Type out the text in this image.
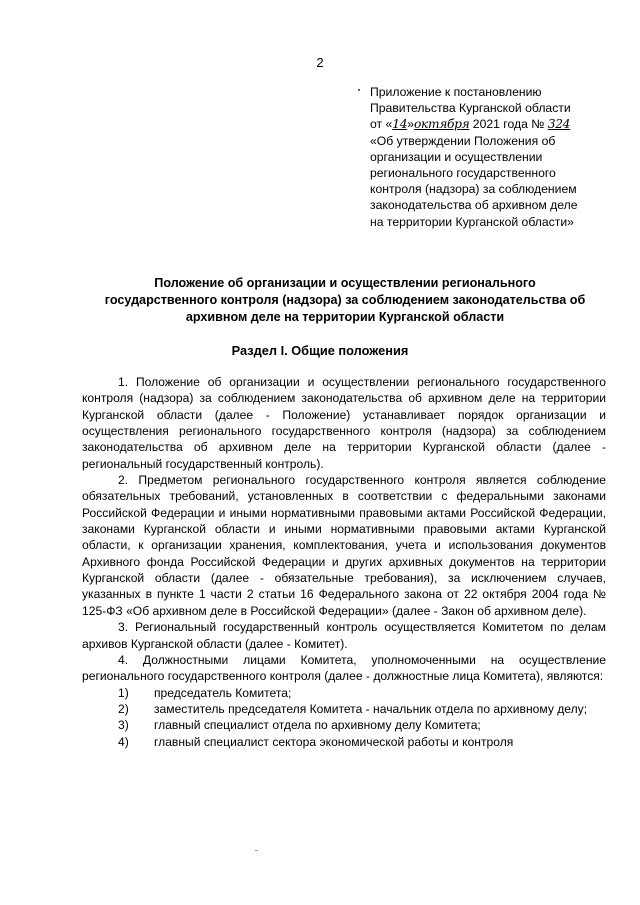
2
Приложение к постановлению
Правительства Курганской области
от «14»октября 2021 года № 324
«Об утверждении Положения об
организации и осуществлении
регионального государственного
контроля (надзора) за соблюдением
законодательства об архивном деле
на территории Курганской области»
Положение об организации и осуществлении регионального
государственного контроля (надзора) за соблюдением законодательства об
архивном деле на территории Курганской области
Раздел I. Общие положения

1. Положение об организации и осуществлении регионального государственного контроля (надзора) за соблюдением законодательства об архивном деле на территории Курганской области (далее - Положение) устанавливает порядок организации и осуществления регионального государственного контроля (надзора) за соблюдением законодательства об архивном деле на территории Курганской области (далее - региональный государственный контроль).

2. Предметом регионального государственного контроля является соблюдение обязательных требований, установленных в соответствии с федеральными законами Российской Федерации и иными нормативными правовыми актами Российской Федерации, законами Курганской области и иными нормативными правовыми актами Курганской области, к организации хранения, комплектования, учета и использования документов Архивного фонда Российской Федерации и других архивных документов на территории Курганской области (далее - обязательные требования), за исключением случаев, указанных в пункте 1 части 2 статьи 16 Федерального закона от 22 октября 2004 года № 125-ФЗ «Об архивном деле в Российской Федерации» (далее - Закон об архивном деле).

3. Региональный государственный контроль осуществляется Комитетом по делам архивов Курганской области (далее - Комитет).

4. Должностными лицами Комитета, уполномоченными на осуществление регионального государственного контроля (далее - должностные лица Комитета), являются:

1)	председатель Комитета;
2)	заместитель председателя Комитета - начальник отдела по архивному делу;
3)	главный специалист отдела по архивному делу Комитета;
4)	главный специалист сектора экономической работы и контроля
